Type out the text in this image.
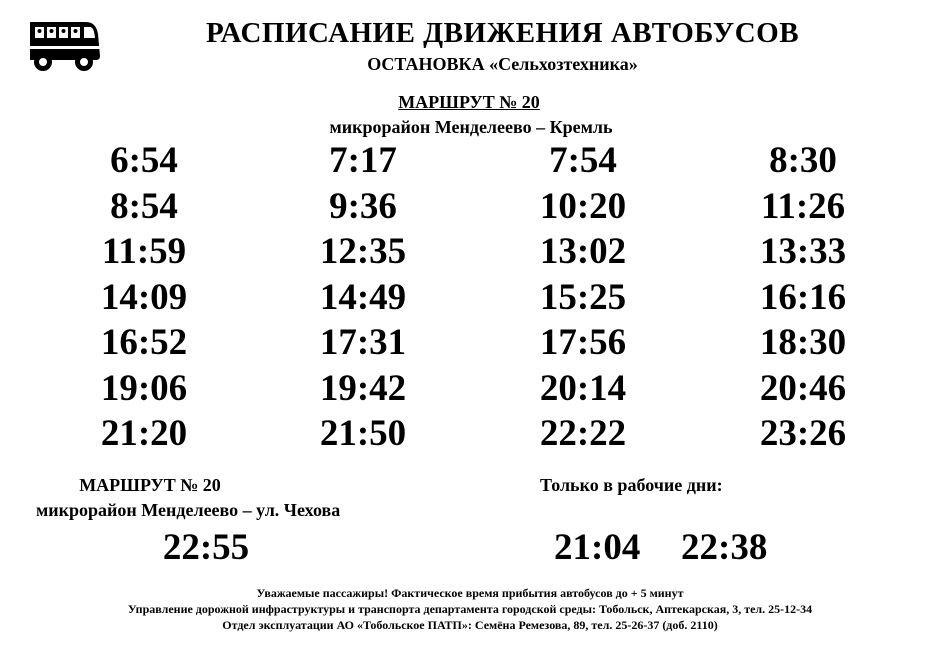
РАСПИСАНИЕ ДВИЖЕНИЯ АВТОБУСОВ
ОСТАНОВКА «Сельхозтехника»
МАРШРУТ № 20
микрорайон Менделеево – Кремль
6:54	7:17	7:54	8:30
8:54	9:36	10:20	11:26
11:59	12:35	13:02	13:33
14:09	14:49	15:25	16:16
16:52	17:31	17:56	18:30
19:06	19:42	20:14	20:46
21:20	21:50	22:22	23:26
МАРШРУТ № 20
микрорайон Менделеево – ул. Чехова
22:55
Только в рабочие дни:
21:04 22:38
Уважаемые пассажиры! Фактическое время прибытия автобусов до + 5 минут
Управление дорожной инфраструктуры и транспорта департамента городской среды: Тобольск, Аптекарская, 3, тел. 25-12-34
Отдел эксплуатации АО «Тобольское ПАТП»: Семёна Ремезова, 89, тел. 25-26-37 (доб. 2110)
